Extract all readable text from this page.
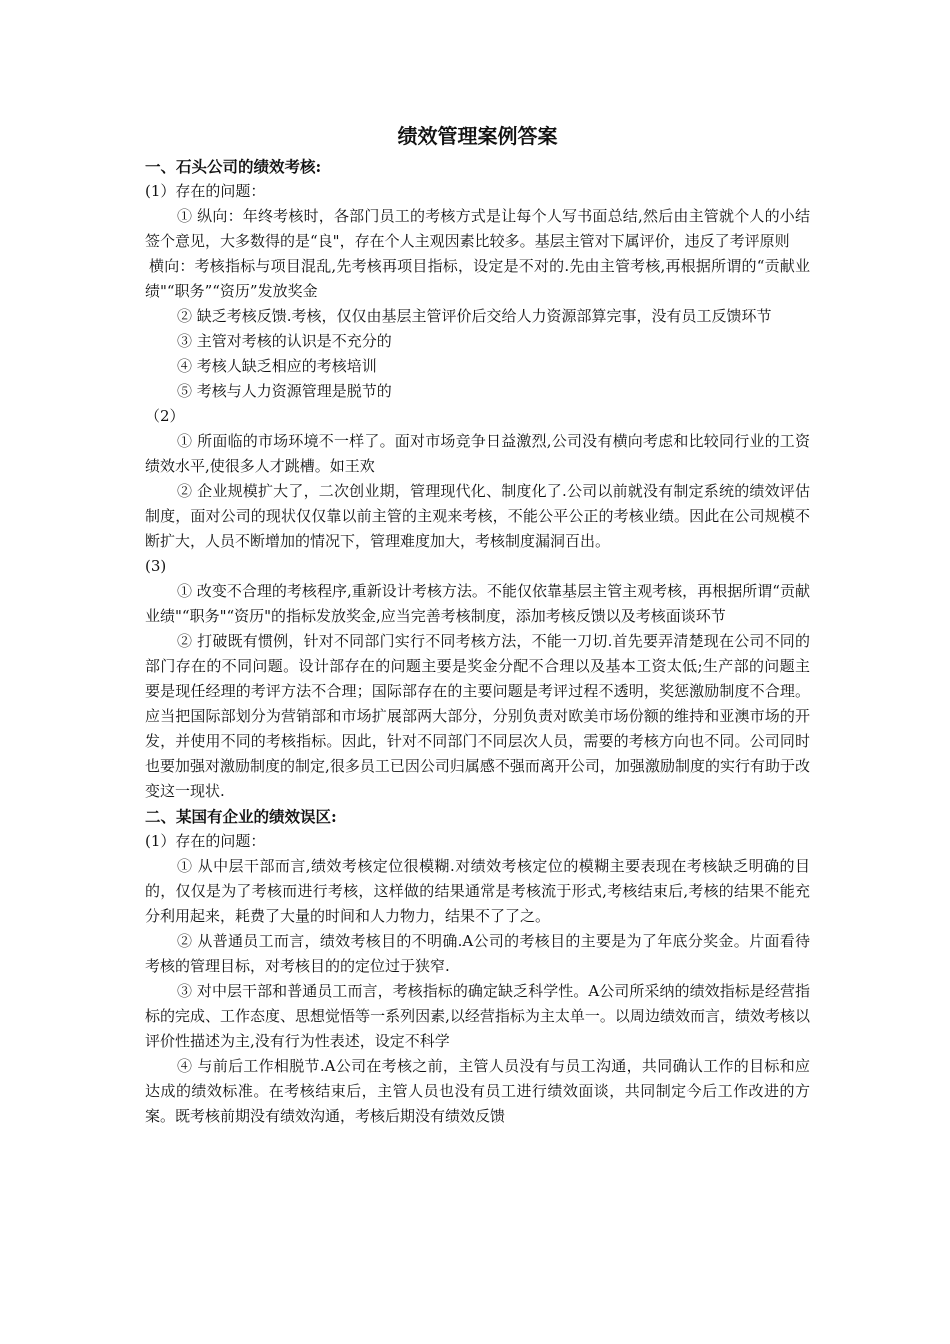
绩效管理案例答案
一、石头公司的绩效考核:

(1）存在的问题：

① 纵向：年终考核时，各部门员工的考核方式是让每个人写书面总结,然后由主管就个人的小结签个意见，大多数得的是“良"，存在个人主观因素比较多。基层主管对下属评价，违反了考评原则

横向：考核指标与项目混乱,先考核再项目指标，设定是不对的.先由主管考核,再根据所谓的“贡献业绩"“职务”“资历”发放奖金

② 缺乏考核反馈.考核，仅仅由基层主管评价后交给人力资源部算完事，没有员工反馈环节

③ 主管对考核的认识是不充分的

④ 考核人缺乏相应的考核培训

⑤ 考核与人力资源管理是脱节的

（2）

① 所面临的市场环境不一样了。面对市场竞争日益激烈,公司没有横向考虑和比较同行业的工资绩效水平,使很多人才跳槽。如王欢

② 企业规模扩大了，二次创业期，管理现代化、制度化了.公司以前就没有制定系统的绩效评估制度，面对公司的现状仅仅靠以前主管的主观来考核，不能公平公正的考核业绩。因此在公司规模不断扩大，人员不断增加的情况下，管理难度加大，考核制度漏洞百出。

(3)

① 改变不合理的考核程序,重新设计考核方法。不能仅依靠基层主管主观考核，再根据所谓“贡献业绩"“职务"“资历"的指标发放奖金,应当完善考核制度，添加考核反馈以及考核面谈环节

② 打破既有惯例，针对不同部门实行不同考核方法，不能一刀切.首先要弄清楚现在公司不同的部门存在的不同问题。设计部存在的问题主要是奖金分配不合理以及基本工资太低;生产部的问题主要是现任经理的考评方法不合理；国际部存在的主要问题是考评过程不透明，奖惩激励制度不合理。应当把国际部划分为营销部和市场扩展部两大部分，分别负责对欧美市场份额的维持和亚澳市场的开发，并使用不同的考核指标。因此，针对不同部门不同层次人员，需要的考核方向也不同。公司同时也要加强对激励制度的制定,很多员工已因公司归属感不强而离开公司，加强激励制度的实行有助于改变这一现状.

二、某国有企业的绩效误区:

(1）存在的问题：

① 从中层干部而言,绩效考核定位很模糊.对绩效考核定位的模糊主要表现在考核缺乏明确的目的，仅仅是为了考核而进行考核，这样做的结果通常是考核流于形式,考核结束后,考核的结果不能充分利用起来，耗费了大量的时间和人力物力，结果不了了之。

② 从普通员工而言，绩效考核目的不明确.A公司的考核目的主要是为了年底分奖金。片面看待考核的管理目标，对考核目的的定位过于狭窄.

③ 对中层干部和普通员工而言，考核指标的确定缺乏科学性。A公司所采纳的绩效指标是经营指标的完成、工作态度、思想觉悟等一系列因素,以经营指标为主太单一。以周边绩效而言，绩效考核以评价性描述为主,没有行为性表述，设定不科学

④ 与前后工作相脱节.A公司在考核之前，主管人员没有与员工沟通，共同确认工作的目标和应达成的绩效标准。在考核结束后，主管人员也没有员工进行绩效面谈，共同制定今后工作改进的方案。既考核前期没有绩效沟通，考核后期没有绩效反馈
